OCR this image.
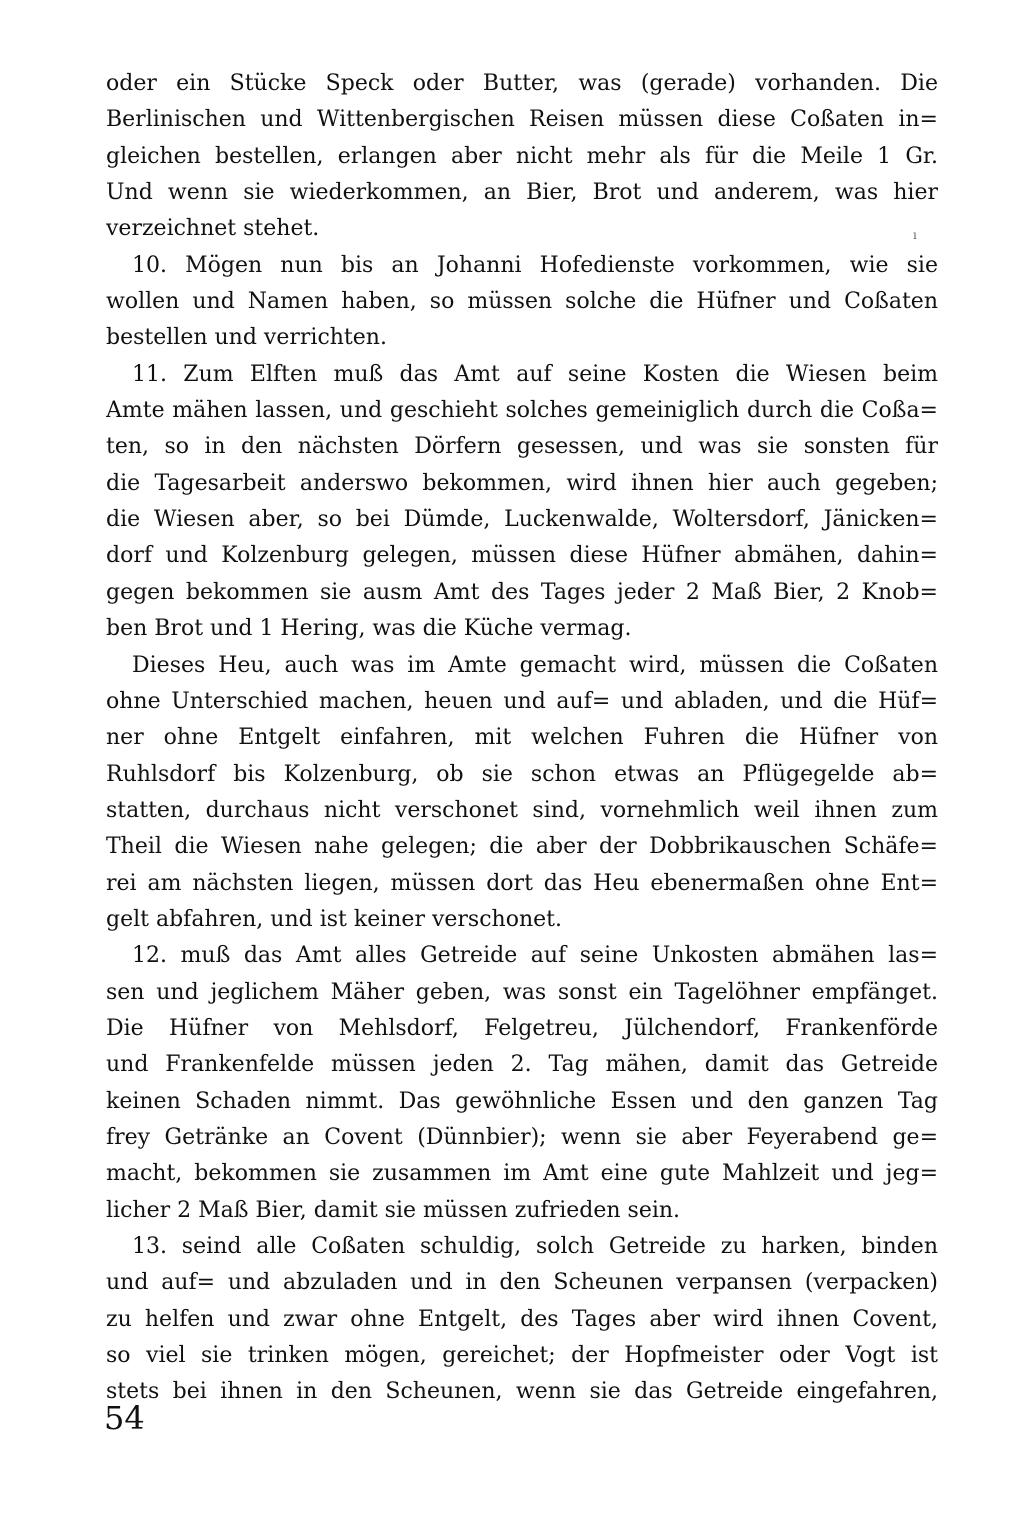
oder ein Stücke Speck oder Butter, was (gerade) vorhanden. Die
Berlinischen und Wittenbergischen Reisen müssen diese Coßaten in=
gleichen bestellen, erlangen aber nicht mehr als für die Meile 1 Gr.
Und wenn sie wiederkommen, an Bier, Brot und anderem, was hier
verzeichnet stehet.
10. Mögen nun bis an Johanni Hofedienste vorkommen, wie sie
wollen und Namen haben, so müssen solche die Hüfner und Coßaten
bestellen und verrichten.
11. Zum Elften muß das Amt auf seine Kosten die Wiesen beim
Amte mähen lassen, und geschieht solches gemeiniglich durch die Coßa=
ten, so in den nächsten Dörfern gesessen, und was sie sonsten für
die Tagesarbeit anderswo bekommen, wird ihnen hier auch gegeben;
die Wiesen aber, so bei Dümde, Luckenwalde, Woltersdorf, Jänicken=
dorf und Kolzenburg gelegen, müssen diese Hüfner abmähen, dahin=
gegen bekommen sie ausm Amt des Tages jeder 2 Maß Bier, 2 Knob=
ben Brot und 1 Hering, was die Küche vermag.
Dieses Heu, auch was im Amte gemacht wird, müssen die Coßaten
ohne Unterschied machen, heuen und auf= und abladen, und die Hüf=
ner ohne Entgelt einfahren, mit welchen Fuhren die Hüfner von
Ruhlsdorf bis Kolzenburg, ob sie schon etwas an Pflügegelde ab=
statten, durchaus nicht verschonet sind, vornehmlich weil ihnen zum
Theil die Wiesen nahe gelegen; die aber der Dobbrikauschen Schäfe=
rei am nächsten liegen, müssen dort das Heu ebenermaßen ohne Ent=
gelt abfahren, und ist keiner verschonet.
12. muß das Amt alles Getreide auf seine Unkosten abmähen las=
sen und jeglichem Mäher geben, was sonst ein Tagelöhner empfänget.
Die Hüfner von Mehlsdorf, Felgetreu, Jülchendorf, Frankenförde
und Frankenfelde müssen jeden 2. Tag mähen, damit das Getreide
keinen Schaden nimmt. Das gewöhnliche Essen und den ganzen Tag
frey Getränke an Covent (Dünnbier); wenn sie aber Feyerabend ge=
macht, bekommen sie zusammen im Amt eine gute Mahlzeit und jeg=
licher 2 Maß Bier, damit sie müssen zufrieden sein.
13. seind alle Coßaten schuldig, solch Getreide zu harken, binden
und auf= und abzuladen und in den Scheunen verpansen (verpacken)
zu helfen und zwar ohne Entgelt, des Tages aber wird ihnen Covent,
so viel sie trinken mögen, gereichet; der Hopfmeister oder Vogt ist
stets bei ihnen in den Scheunen, wenn sie das Getreide eingefahren,
ı
54
